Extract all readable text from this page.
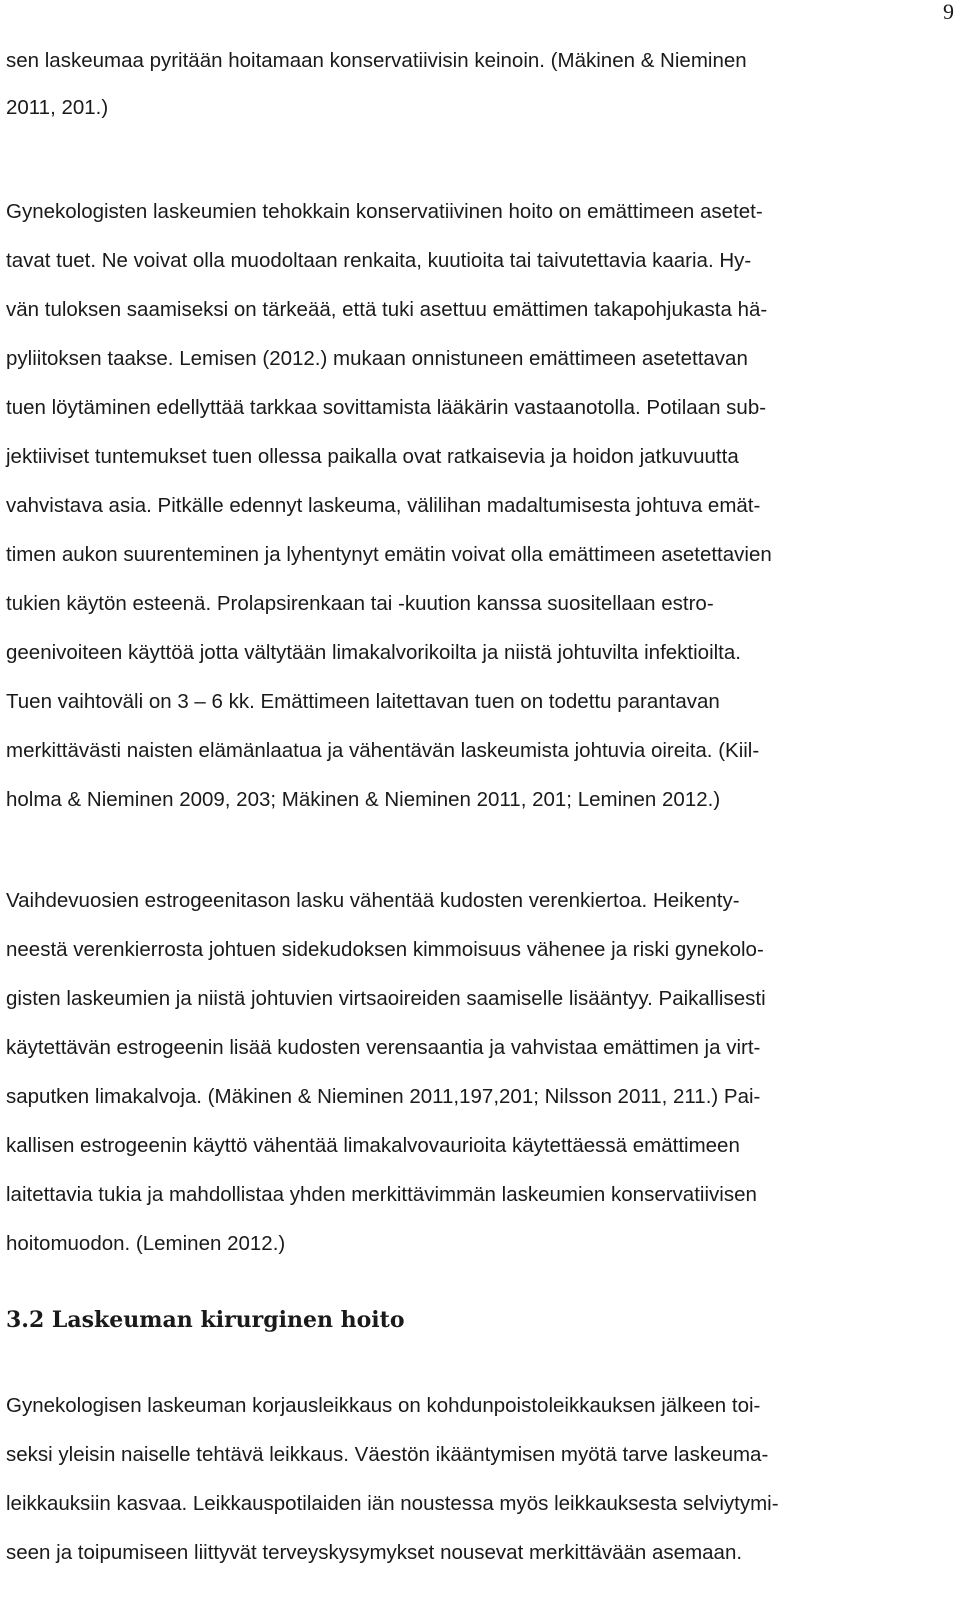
9
sen laskeumaa pyritään hoitamaan konservatiivisin keinoin. (Mäkinen & Nieminen
2011, 201.)
Gynekologisten laskeumien tehokkain konservatiivinen hoito on emättimeen asetet-
tavat tuet. Ne voivat olla muodoltaan renkaita, kuutioita tai taivutettavia kaaria. Hy-
vän tuloksen saamiseksi on tärkeää, että tuki asettuu emättimen takapohjukasta hä-
pyliitoksen taakse. Lemisen (2012.) mukaan onnistuneen emättimeen asetettavan
tuen löytäminen edellyttää tarkkaa sovittamista lääkärin vastaanotolla. Potilaan sub-
jektiiviset tuntemukset tuen ollessa paikalla ovat ratkaisevia ja hoidon jatkuvuutta
vahvistava asia. Pitkälle edennyt laskeuma, välilihan madaltumisesta johtuva emät-
timen aukon suurenteminen ja lyhentynyt emätin voivat olla emättimeen asetettavien
tukien käytön esteenä. Prolapsirenkaan tai -kuution kanssa suositellaan estro-
geenivoiteen käyttöä jotta vältytään limakalvorikoilta ja niistä johtuvilta infektioilta.
Tuen vaihtoväli on 3 – 6 kk. Emättimeen laitettavan tuen on todettu parantavan
merkittävästi naisten elämänlaatua ja vähentävän laskeumista johtuvia oireita. (Kiil-
holma & Nieminen 2009, 203; Mäkinen & Nieminen 2011, 201; Leminen 2012.)
Vaihdevuosien estrogeenitason lasku vähentää kudosten verenkiertoa. Heikenty-
neestä verenkierrosta johtuen sidekudoksen kimmoisuus vähenee ja riski gynekolo-
gisten laskeumien ja niistä johtuvien virtsaoireiden saamiselle lisääntyy. Paikallisesti
käytettävän estrogeenin lisää kudosten verensaantia ja vahvistaa emättimen ja virt-
saputken limakalvoja. (Mäkinen & Nieminen 2011,197,201; Nilsson 2011, 211.) Pai-
kallisen estrogeenin käyttö vähentää limakalvovaurioita käytettäessä emättimeen
laitettavia tukia ja mahdollistaa yhden merkittävimmän laskeumien konservatiivisen
hoitomuodon. (Leminen 2012.)
3.2 Laskeuman kirurginen hoito
Gynekologisen laskeuman korjausleikkaus on kohdunpoistoleikkauksen jälkeen toi-
seksi yleisin naiselle tehtävä leikkaus. Väestön ikääntymisen myötä tarve laskeuma-
leikkauksiin kasvaa. Leikkauspotilaiden iän noustessa myös leikkauksesta selviytymi-
seen ja toipumiseen liittyvät terveyskysymykset nousevat merkittävään asemaan.
